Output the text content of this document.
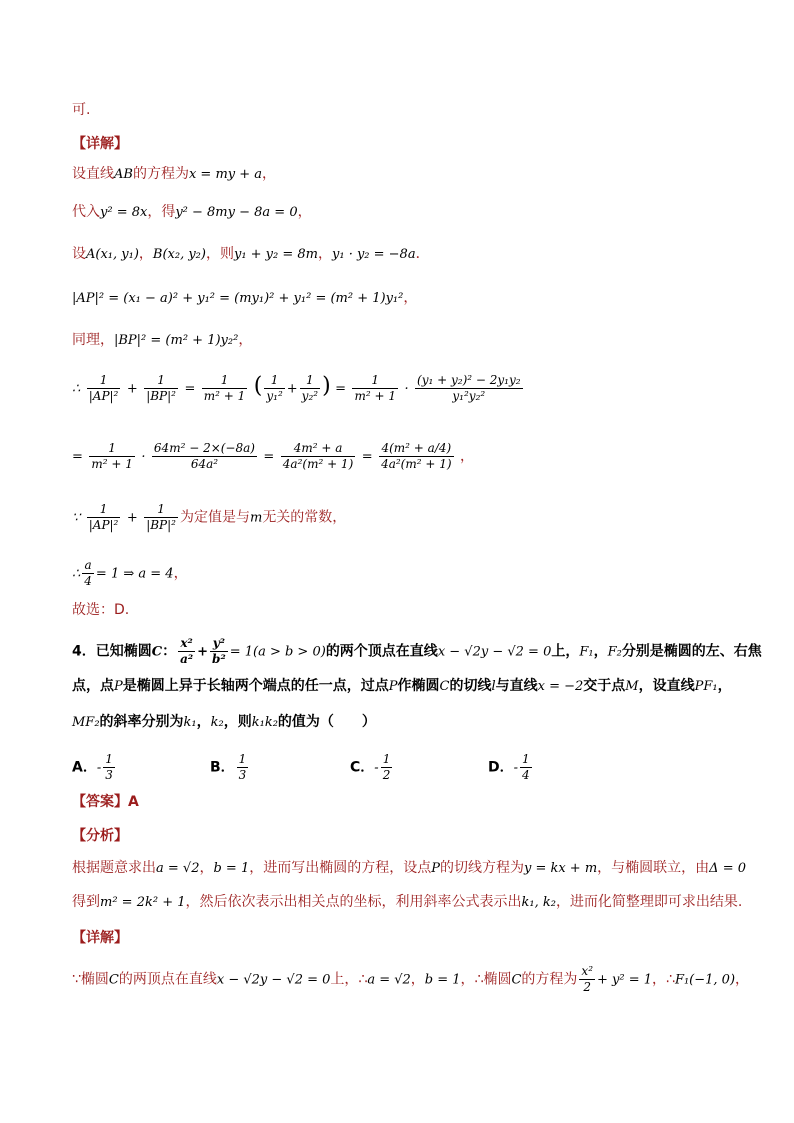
可.
【详解】
设直线AB的方程为x = my + a，
代入y² = 8x，得y² − 8my − 8a = 0，
设A(x₁, y₁)，B(x₂, y₂)，则y₁ + y₂ = 8m，y₁ · y₂ = −8a．
|AP|² = (x₁ − a)² + y₁² = (my₁)² + y₁² = (m² + 1)y₁²，
同理，|BP|² = (m² + 1)y₂²，
∴ $\frac{1}{\text{|AP|²}} + \frac{1}{\text{|BP|²}} = \frac{1}{\text{m² + 1}}$ ( $\frac{1}{\text{y₁²}} + \frac{1}{\text{y₂²}}$ ) = $\frac{1}{\text{m² + 1}} \cdot \frac{\text{(y₁ + y₂)² − 2y₁y₂}}{\text{y₁²y₂²}}$
= $\frac{1}{\text{m² + 1}} \cdot \frac{\text{64m² − 2×(−8a)}}{\text{64a²}} = \frac{\text{4m² + a}}{\text{4a²(m² + 1)}} = \frac{\text{4(m² + a/4)}}{\text{4a²(m² + 1)}}$ ，
∵ $\frac{1}{\text{|AP|²}} + \frac{1}{\text{|BP|²}}$ 为定值是与m无关的常数，
∴ $\frac{a}{4} = 1$ ⇒ a = 4，
故选：D.
4．已知椭圆C： $\frac{\text{x²}}{\text{a²}} + \frac{\text{y²}}{\text{b²}} = 1(a > b > 0)$的两个顶点在直线x − √2y − √2 = 0上，F₁，F₂分别是椭圆的左、右焦
点，点P是椭圆上异于长轴两个端点的任一点，过点P作椭圆C的切线l与直线x = −2交于点M，设直线PF₁，
MF₂的斜率分别为k₁，k₂，则k₁k₂的值为（　　）
A．- $\frac{1}{3}$	B． $\frac{1}{3}$	C．- $\frac{1}{2}$	D．- $\frac{1}{4}$
【答案】A
【分析】
根据题意求出a = √2，b = 1，进而写出椭圆的方程，设点P的切线方程为y = kx + m，与椭圆联立，由Δ = 0
得到m² = 2k² + 1，然后依次表示出相关点的坐标，利用斜率公式表示出k₁, k₂，进而化简整理即可求出结果.
【详解】
∵椭圆C的两顶点在直线x − √2y − √2 = 0上，∴a = √2，b = 1，∴椭圆C的方程为 $\frac{\text{x²}}{2} + y^2 = 1$，∴F₁(−1, 0)，
